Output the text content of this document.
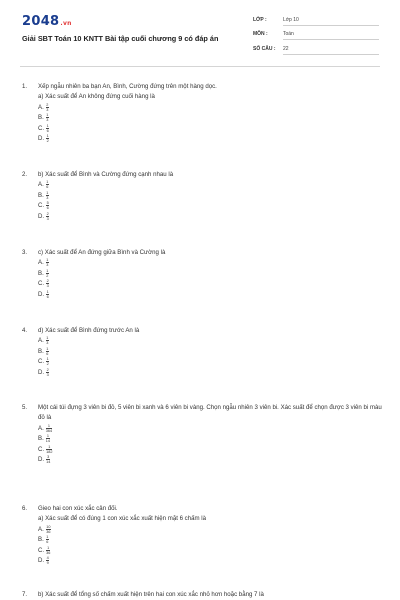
2048.vn
Giải SBT Toán 10 KNTT Bài tập cuối chương 9 có đáp án
LỚP :	Lớp 10
MÔN :	Toán
SỐ CÂU : 22
1.	Xếp ngẫu nhiên ba bạn An, Bình, Cường đứng trên một hàng dọc.
a) Xác suất để An không đứng cuối hàng là
A. $\frac{2}{3}$
B. $\frac{1}{3}$
C. $\frac{1}{6}$
D. $\frac{1}{2}$
2.	b) Xác suất để Bình và Cường đứng cạnh nhau là
A. $\frac{1}{6}$
B. $\frac{1}{3}$
C. $\frac{5}{6}$
D. $\frac{2}{3}$
3.	c) Xác suất để An đứng giữa Bình và Cường là
A. $\frac{1}{3}$
B. $\frac{1}{2}$
C. $\frac{2}{3}$
D. $\frac{1}{6}$
4.	d) Xác suất để Bình đứng trước An là
A. $\frac{1}{3}$
B. $\frac{1}{6}$
C. $\frac{1}{2}$
D. $\frac{2}{3}$
5.	Một cái túi đựng 3 viên bi đỏ, 5 viên bi xanh và 6 viên bi vàng. Chọn ngẫu nhiên 3 viên bi. Xác suất để chọn được 3 viên bi màu đỏ là
A. $\frac{1}{364}$
B. $\frac{1}{14}$
C. $\frac{1}{182}$
D. $\frac{3}{14}$
6.	Gieo hai con xúc xắc cân đối.
a) Xác suất để có đúng 1 con xúc xắc xuất hiện mặt 6 chấm là
A. $\frac{10}{36}$
B. $\frac{1}{6}$
C. $\frac{1}{36}$
D. $\frac{4}{9}$
7.	b) Xác suất để tổng số chấm xuất hiện trên hai con xúc xắc nhỏ hơn hoặc bằng 7 là
